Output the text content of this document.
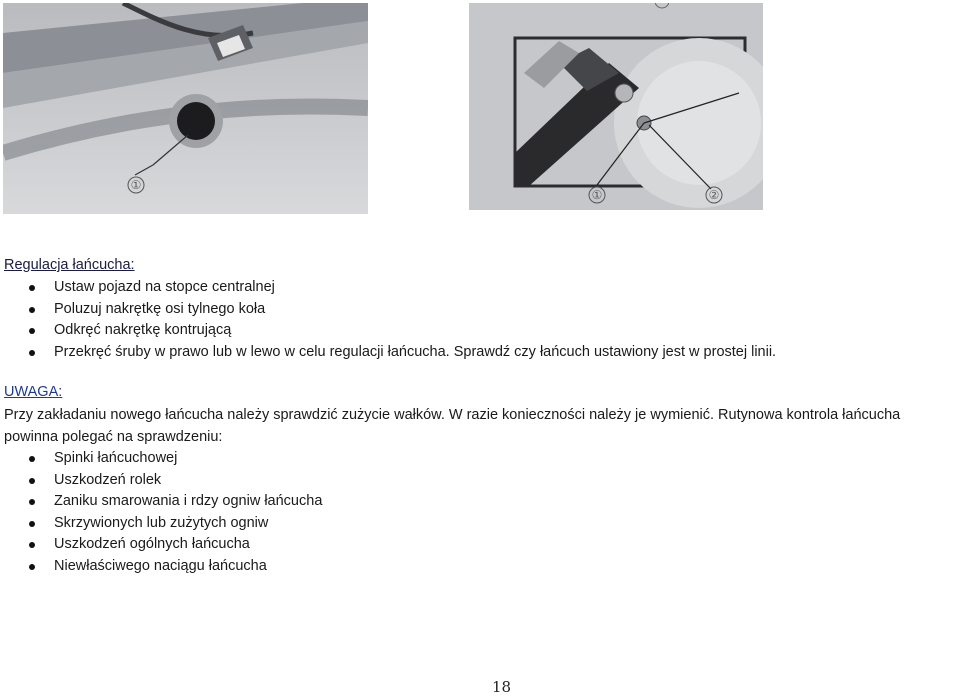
①
①	②
Regulacja łańcucha:
Ustaw pojazd na stopce centralnej
Poluzuj nakrętkę osi tylnego koła
Odkręć nakrętkę kontrującą
Przekręć śruby w prawo lub w lewo w celu regulacji łańcucha. Sprawdź czy łańcuch ustawiony jest w prostej linii.
UWAGA:
Przy zakładaniu nowego łańcucha należy sprawdzić zużycie wałków. W razie konieczności należy je wymienić. Rutynowa kontrola łańcucha
powinna polegać na sprawdzeniu:
Spinki łańcuchowej
Uszkodzeń rolek
Zaniku smarowania i rdzy ogniw łańcucha
Skrzywionych lub zużytych ogniw
Uszkodzeń ogólnych łańcucha
Niewłaściwego naciągu łańcucha
18
